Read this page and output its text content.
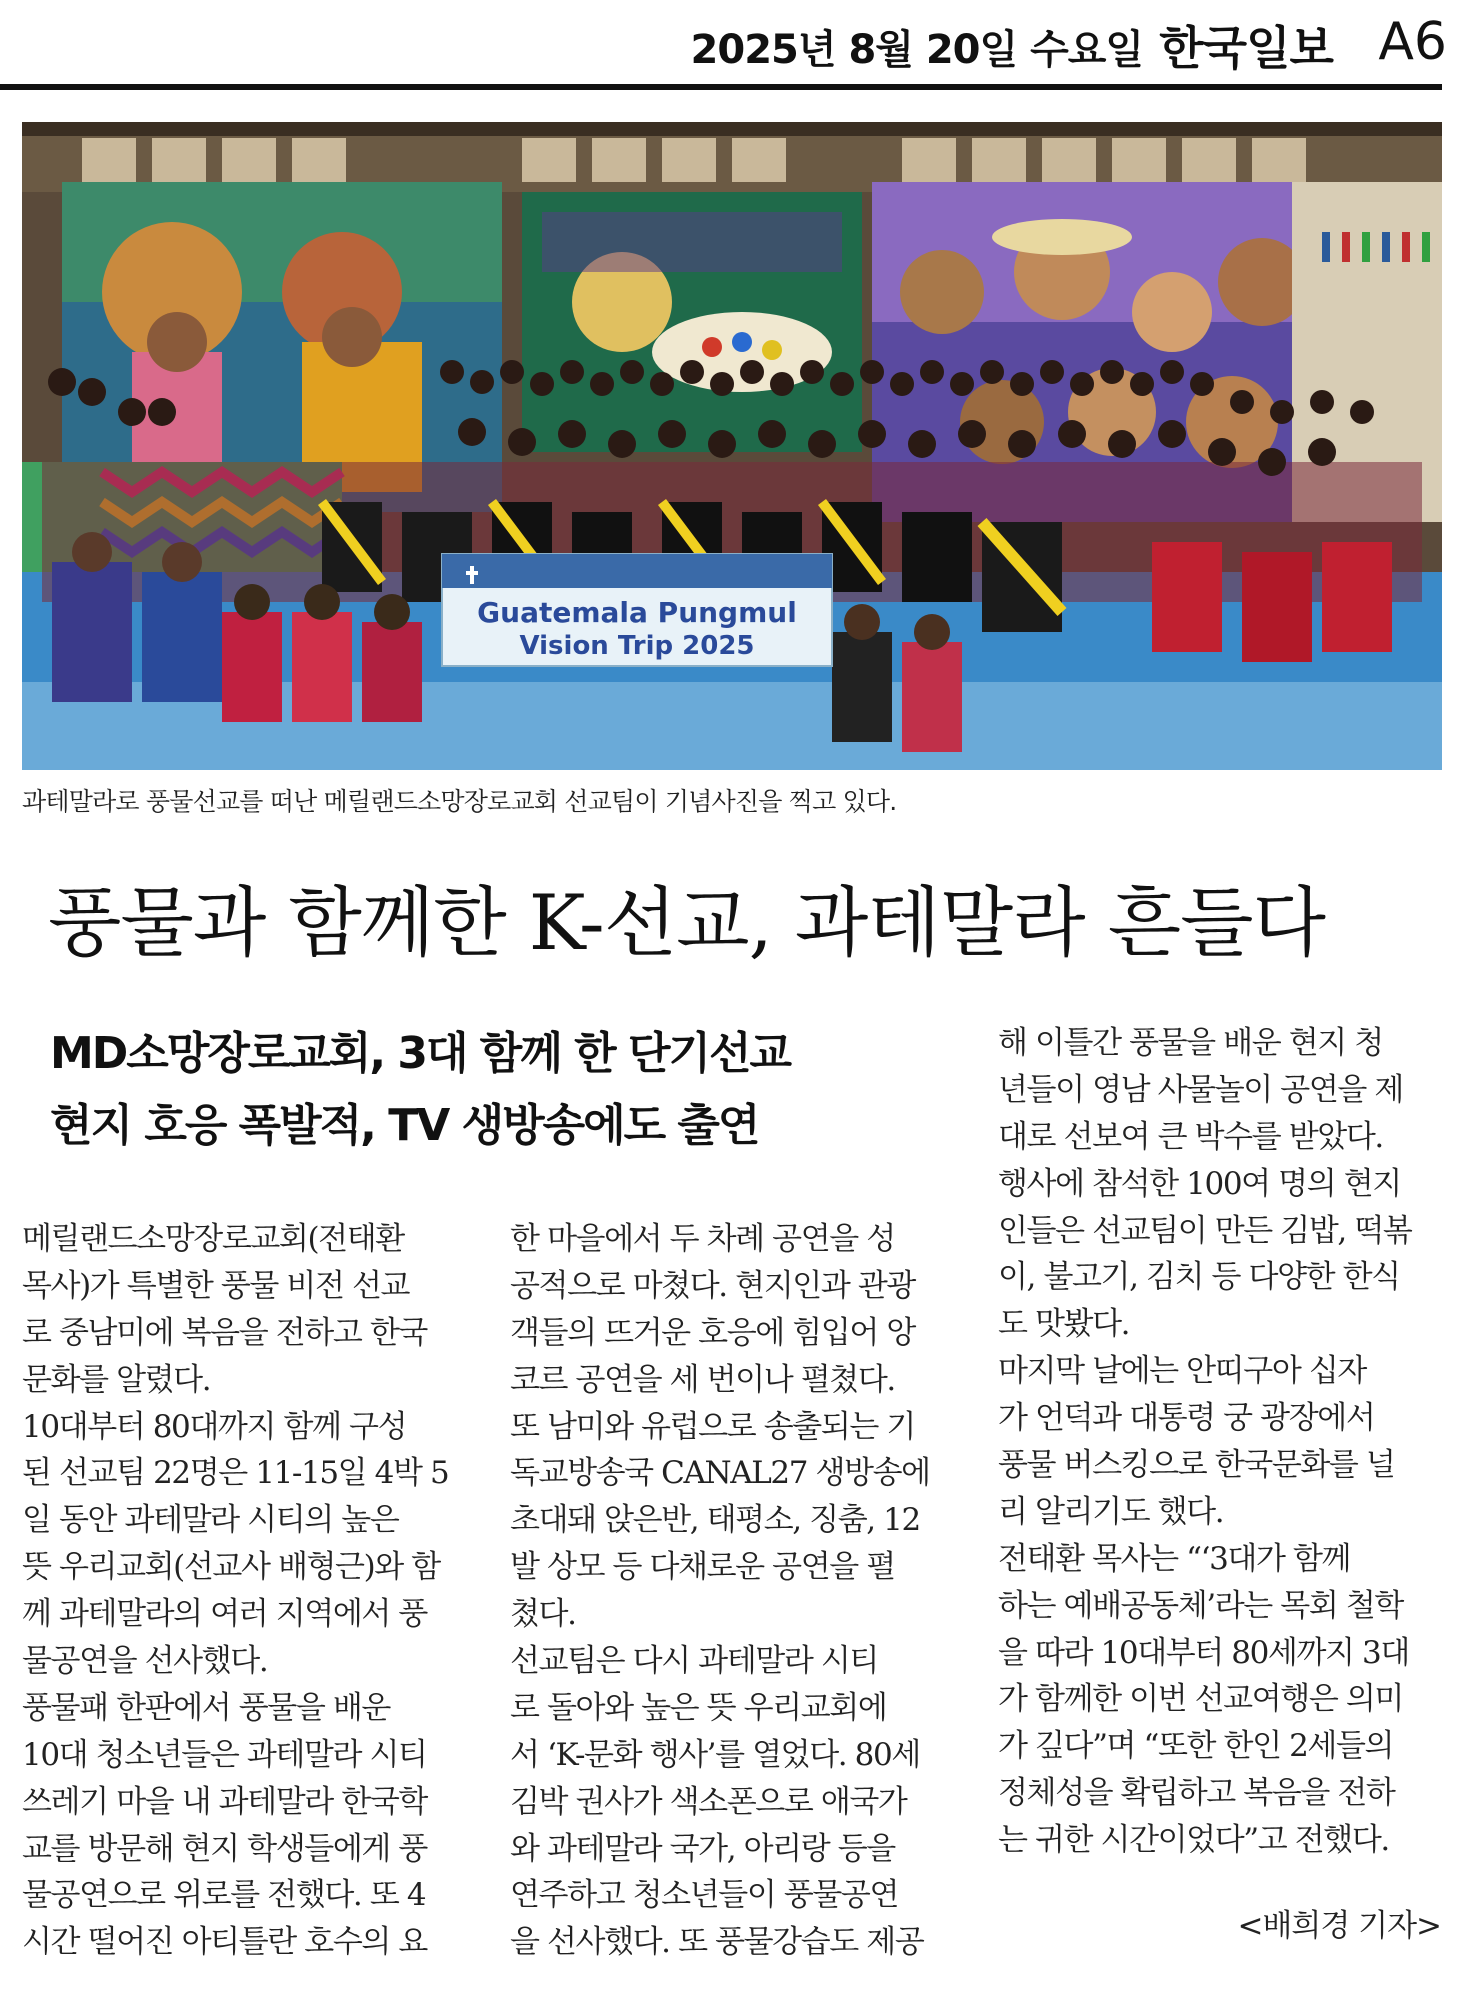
2025년 8월 20일 수요일 한국일보 A6
Guatemala Pungmul
Vision Trip 2025
과테말라로 풍물선교를 떠난 메릴랜드소망장로교회 선교팀이 기념사진을 찍고 있다.
풍물과 함께한 K-선교, 과테말라 흔들다
MD소망장로교회, 3대 함께 한 단기선교
현지 호응 폭발적, TV 생방송에도 출연
메릴랜드소망장로교회(전태환
목사)가 특별한 풍물 비전 선교
로 중남미에 복음을 전하고 한국
문화를 알렸다.
10대부터 80대까지 함께 구성
된 선교팀 22명은 11-15일 4박 5
일 동안 과테말라 시티의 높은
뜻 우리교회(선교사 배형근)와 함
께 과테말라의 여러 지역에서 풍
물공연을 선사했다.
풍물패 한판에서 풍물을 배운
10대 청소년들은 과테말라 시티
쓰레기 마을 내 과테말라 한국학
교를 방문해 현지 학생들에게 풍
물공연으로 위로를 전했다. 또 4
시간 떨어진 아티틀란 호수의 요
한 마을에서 두 차례 공연을 성
공적으로 마쳤다. 현지인과 관광
객들의 뜨거운 호응에 힘입어 앙
코르 공연을 세 번이나 펼쳤다.
또 남미와 유럽으로 송출되는 기
독교방송국 CANAL27 생방송에
초대돼 앉은반, 태평소, 징춤, 12
발 상모 등 다채로운 공연을 펼
쳤다.
선교팀은 다시 과테말라 시티
로 돌아와 높은 뜻 우리교회에
서 ‘K-문화 행사’를 열었다. 80세
김박 권사가 색소폰으로 애국가
와 과테말라 국가, 아리랑 등을
연주하고 청소년들이 풍물공연
을 선사했다. 또 풍물강습도 제공
해 이틀간 풍물을 배운 현지 청
년들이 영남 사물놀이 공연을 제
대로 선보여 큰 박수를 받았다.
행사에 참석한 100여 명의 현지
인들은 선교팀이 만든 김밥, 떡볶
이, 불고기, 김치 등 다양한 한식
도 맛봤다.
마지막 날에는 안띠구아 십자
가 언덕과 대통령 궁 광장에서
풍물 버스킹으로 한국문화를 널
리 알리기도 했다.
전태환 목사는 “‘3대가 함께
하는 예배공동체’라는 목회 철학
을 따라 10대부터 80세까지 3대
가 함께한 이번 선교여행은 의미
가 깊다”며 “또한 한인 2세들의
정체성을 확립하고 복음을 전하
는 귀한 시간이었다”고 전했다.
<배희경 기자>
